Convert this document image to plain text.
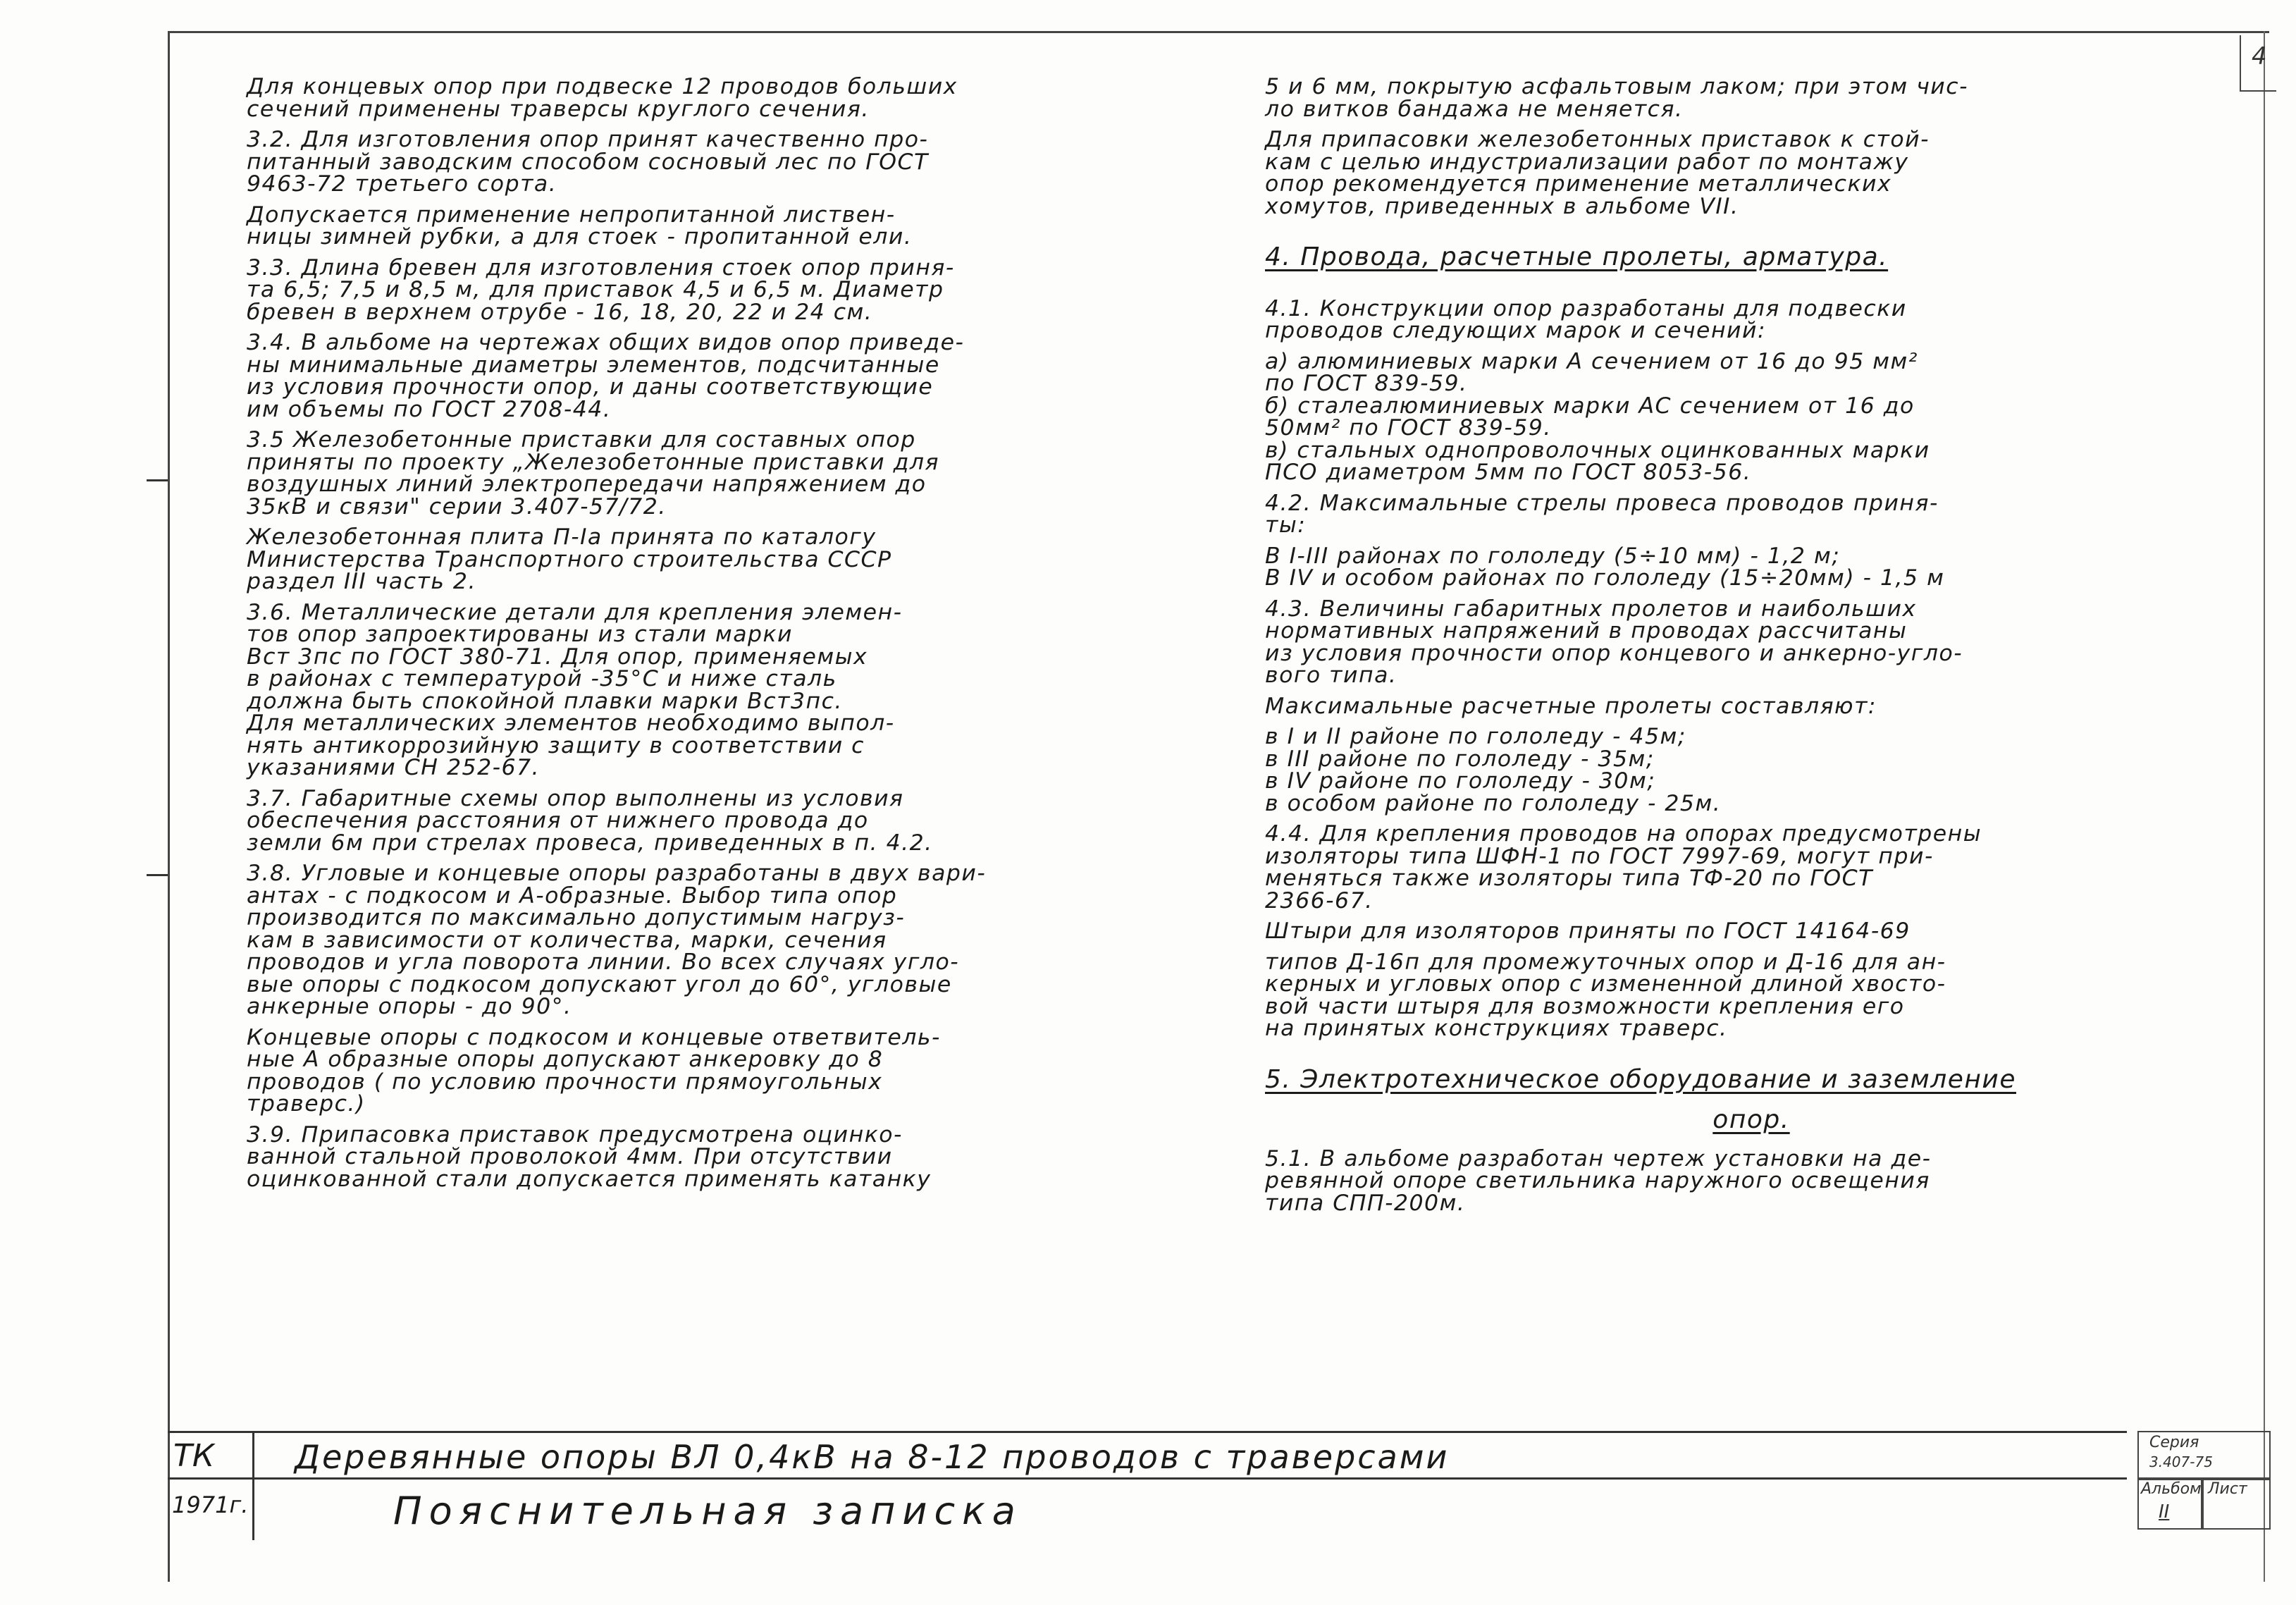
4
Для концевых опор при подвеске 12 проводов больших
сечений применены траверсы круглого сечения.
3.2. Для изготовления опор принят качественно про-
питанный заводским способом сосновый лес по ГОСТ
9463-72 третьего сорта.
Допускается применение непропитанной листвен-
ницы зимней рубки, а для стоек - пропитанной ели.
3.3. Длина бревен для изготовления стоек опор приня-
та 6,5; 7,5 и 8,5 м, для приставок 4,5 и 6,5 м. Диаметр
бревен в верхнем отрубе - 16, 18, 20, 22 и 24 см.
3.4. В альбоме на чертежах общих видов опор приведе-
ны минимальные диаметры элементов, подсчитанные
из условия прочности опор, и даны соответствующие
им объемы по ГОСТ 2708-44.
3.5 Железобетонные приставки для составных опор
приняты по проекту „Железобетонные приставки для
воздушных линий электропередачи напряжением до
35кВ и связи" серии 3.407-57/72.
Железобетонная плита П-Iа принята по каталогу
Министерства Транспортного строительства СССР
раздел III часть 2.
3.6. Металлические детали для крепления элемен-
тов опор запроектированы из стали марки
Вст 3пс по ГОСТ 380-71. Для опор, применяемых
в районах с температурой -35°С и ниже сталь
должна быть спокойной плавки марки Вст3пс.
Для металлических элементов необходимо выпол-
нять антикоррозийную защиту в соответствии с
указаниями СН 252-67.
3.7. Габаритные схемы опор выполнены из условия
обеспечения расстояния от нижнего провода до
земли 6м при стрелах провеса, приведенных в п. 4.2.
3.8. Угловые и концевые опоры разработаны в двух вари-
антах - с подкосом и А-образные. Выбор типа опор
производится по максимально допустимым нагруз-
кам в зависимости от количества, марки, сечения
проводов и угла поворота линии. Во всех случаях угло-
вые опоры с подкосом допускают угол до 60°, угловые
анкерные опоры - до 90°.
Концевые опоры с подкосом и концевые ответвитель-
ные А образные опоры допускают анкеровку до 8
проводов ( по условию прочности прямоугольных
траверс.)
3.9. Припасовка приставок предусмотрена оцинко-
ванной стальной проволокой 4мм. При отсутствии
оцинкованной стали допускается применять катанку
5 и 6 мм, покрытую асфальтовым лаком; при этом чис-
ло витков бандажа не меняется.
Для припасовки железобетонных приставок к стой-
кам с целью индустриализации работ по монтажу
опор рекомендуется применение металлических
хомутов, приведенных в альбоме VII.
4. Провода, расчетные пролеты, арматура.
4.1. Конструкции опор разработаны для подвески
проводов следующих марок и сечений:
а) алюминиевых марки А сечением от 16 до 95 мм²
по ГОСТ 839-59.
б) сталеалюминиевых марки АС сечением от 16 до
50мм² по ГОСТ 839-59.
в) стальных однопроволочных оцинкованных марки
ПСО диаметром 5мм по ГОСТ 8053-56.
4.2. Максимальные стрелы провеса проводов приня-
ты:
В I-III районах по гололеду (5÷10 мм) - 1,2 м;
В IV и особом районах по гололеду (15÷20мм) - 1,5 м
4.3. Величины габаритных пролетов и наибольших
нормативных напряжений в проводах рассчитаны
из условия прочности опор концевого и анкерно-угло-
вого типа.
Максимальные расчетные пролеты составляют:
в I и II районе по гололеду - 45м;
в III районе по гололеду - 35м;
в IV районе по гололеду - 30м;
в особом районе по гололеду - 25м.
4.4. Для крепления проводов на опорах предусмотрены
изоляторы типа ШФН-1 по ГОСТ 7997-69, могут при-
меняться также изоляторы типа ТФ-20 по ГОСТ
2366-67.
Штыри для изоляторов приняты по ГОСТ 14164-69
типов Д-16п для промежуточных опор и Д-16 для ан-
керных и угловых опор с измененной длиной хвосто-
вой части штыря для возможности крепления его
на принятых конструкциях траверс.
5. Электротехническое оборудование и заземление
опор.
5.1. В альбоме разработан чертеж установки на де-
ревянной опоре светильника наружного освещения
типа СПП-200м.
ТК
1971г.
Деревянные опоры ВЛ 0,4кВ на 8-12 проводов с траверсами
Пояснительная записка
Серия
3.407-75
Альбом Лист
II
